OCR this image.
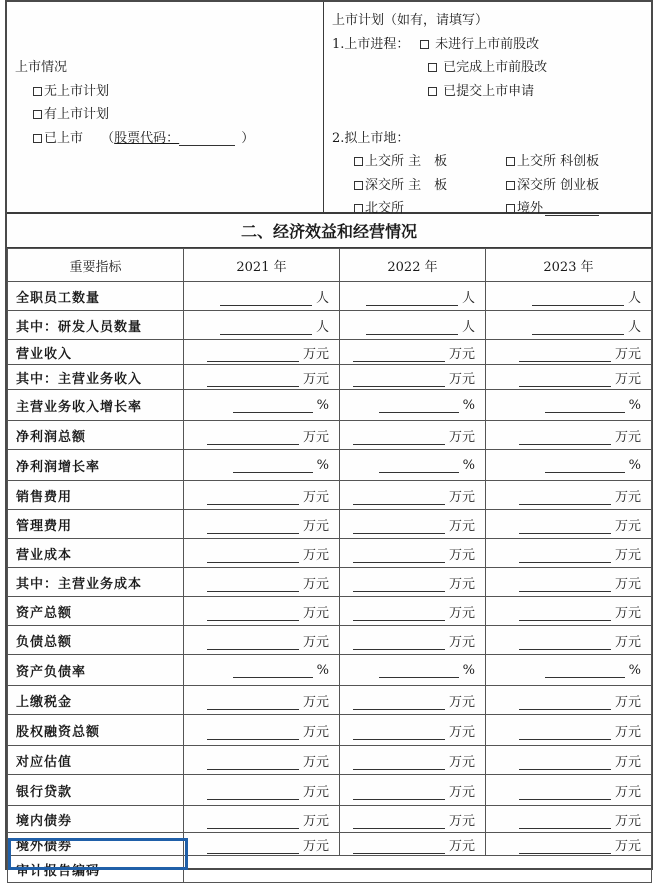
上市情况
无上市计划
有上市计划
已上市 （股票代码：	）
上市计划（如有，请填写）
1.上市进程：	未进行上市前股改
已完成上市前股改
已提交上市申请
2.拟上市地：
上交所 主　板	上交所 科创板
深交所 主　板	深交所 创业板
北交所	境外
二、经济效益和经营情况
重要指标	2021 年	2022 年	2023 年
全职员工数量	人	人	人
其中：研发人员数量	人	人	人
营业收入	万元	万元	万元
其中：主营业务收入	万元	万元	万元
主营业务收入增长率	%	%	%
净利润总额	万元	万元	万元
净利润增长率	%	%	%
销售费用	万元	万元	万元
管理费用	万元	万元	万元
营业成本	万元	万元	万元
其中：主营业务成本	万元	万元	万元
资产总额	万元	万元	万元
负债总额	万元	万元	万元
资产负债率	%	%	%
上缴税金	万元	万元	万元
股权融资总额	万元	万元	万元
对应估值	万元	万元	万元
银行贷款	万元	万元	万元
境内债券	万元	万元	万元
境外债券	万元	万元	万元
审计报告编码			
